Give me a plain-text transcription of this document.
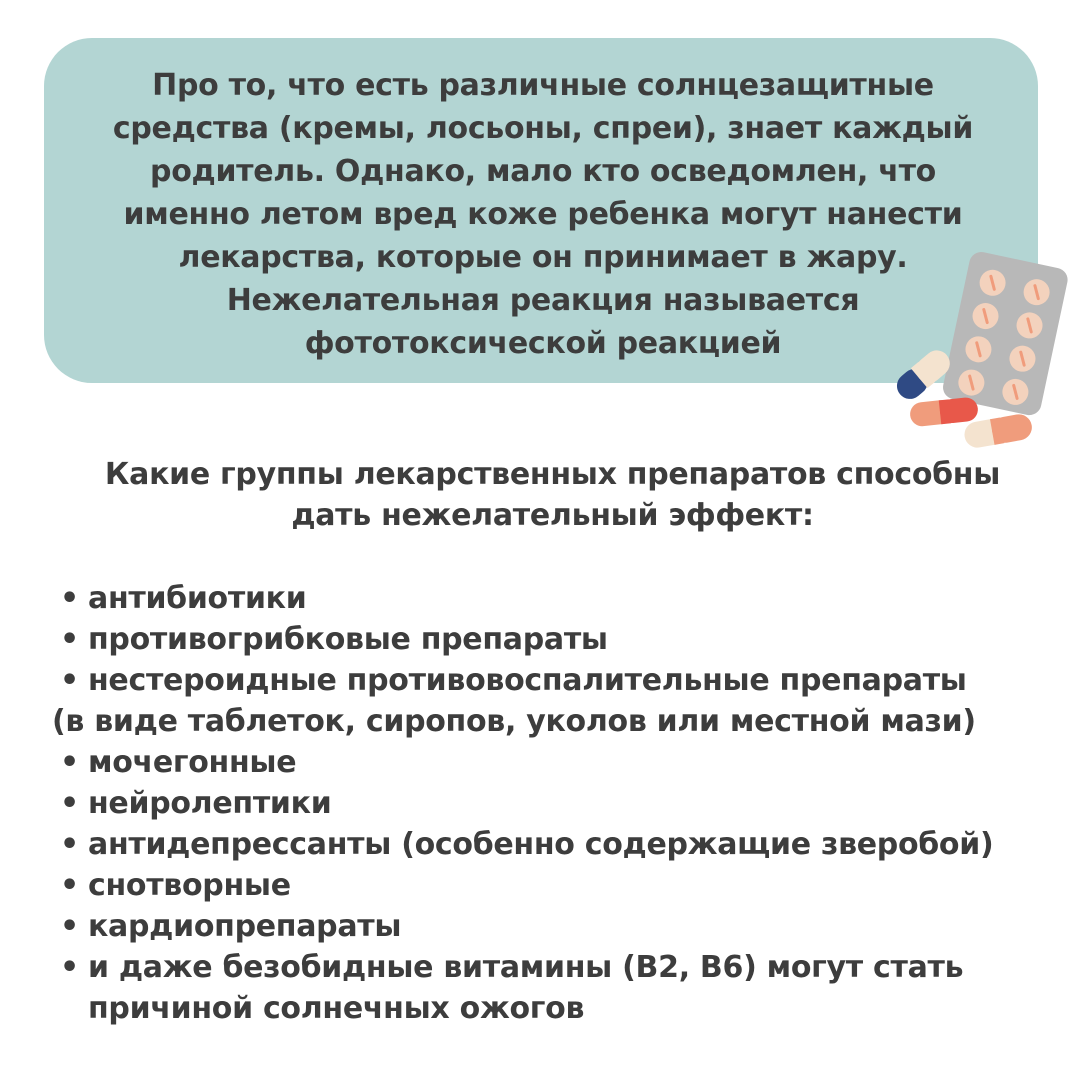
Про то, что есть различные солнцезащитные
средства (кремы, лосьоны, спреи), знает каждый
родитель. Однако, мало кто осведомлен, что
именно летом вред коже ребенка могут нанести
лекарства, которые он принимает в жару.
Нежелательная реакция называется
фототоксической реакцией

Какие группы лекарственных препаратов способны
дать нежелательный эффект:

• антибиотики
• противогрибковые препараты
• нестероидные противовоспалительные препараты
(в виде таблеток, сиропов, уколов или местной мази)
• мочегонные
• нейролептики
• антидепрессанты (особенно содержащие зверобой)
• снотворные
• кардиопрепараты
• и даже безобидные витамины (В2, В6) могут стать
причиной солнечных ожогов
